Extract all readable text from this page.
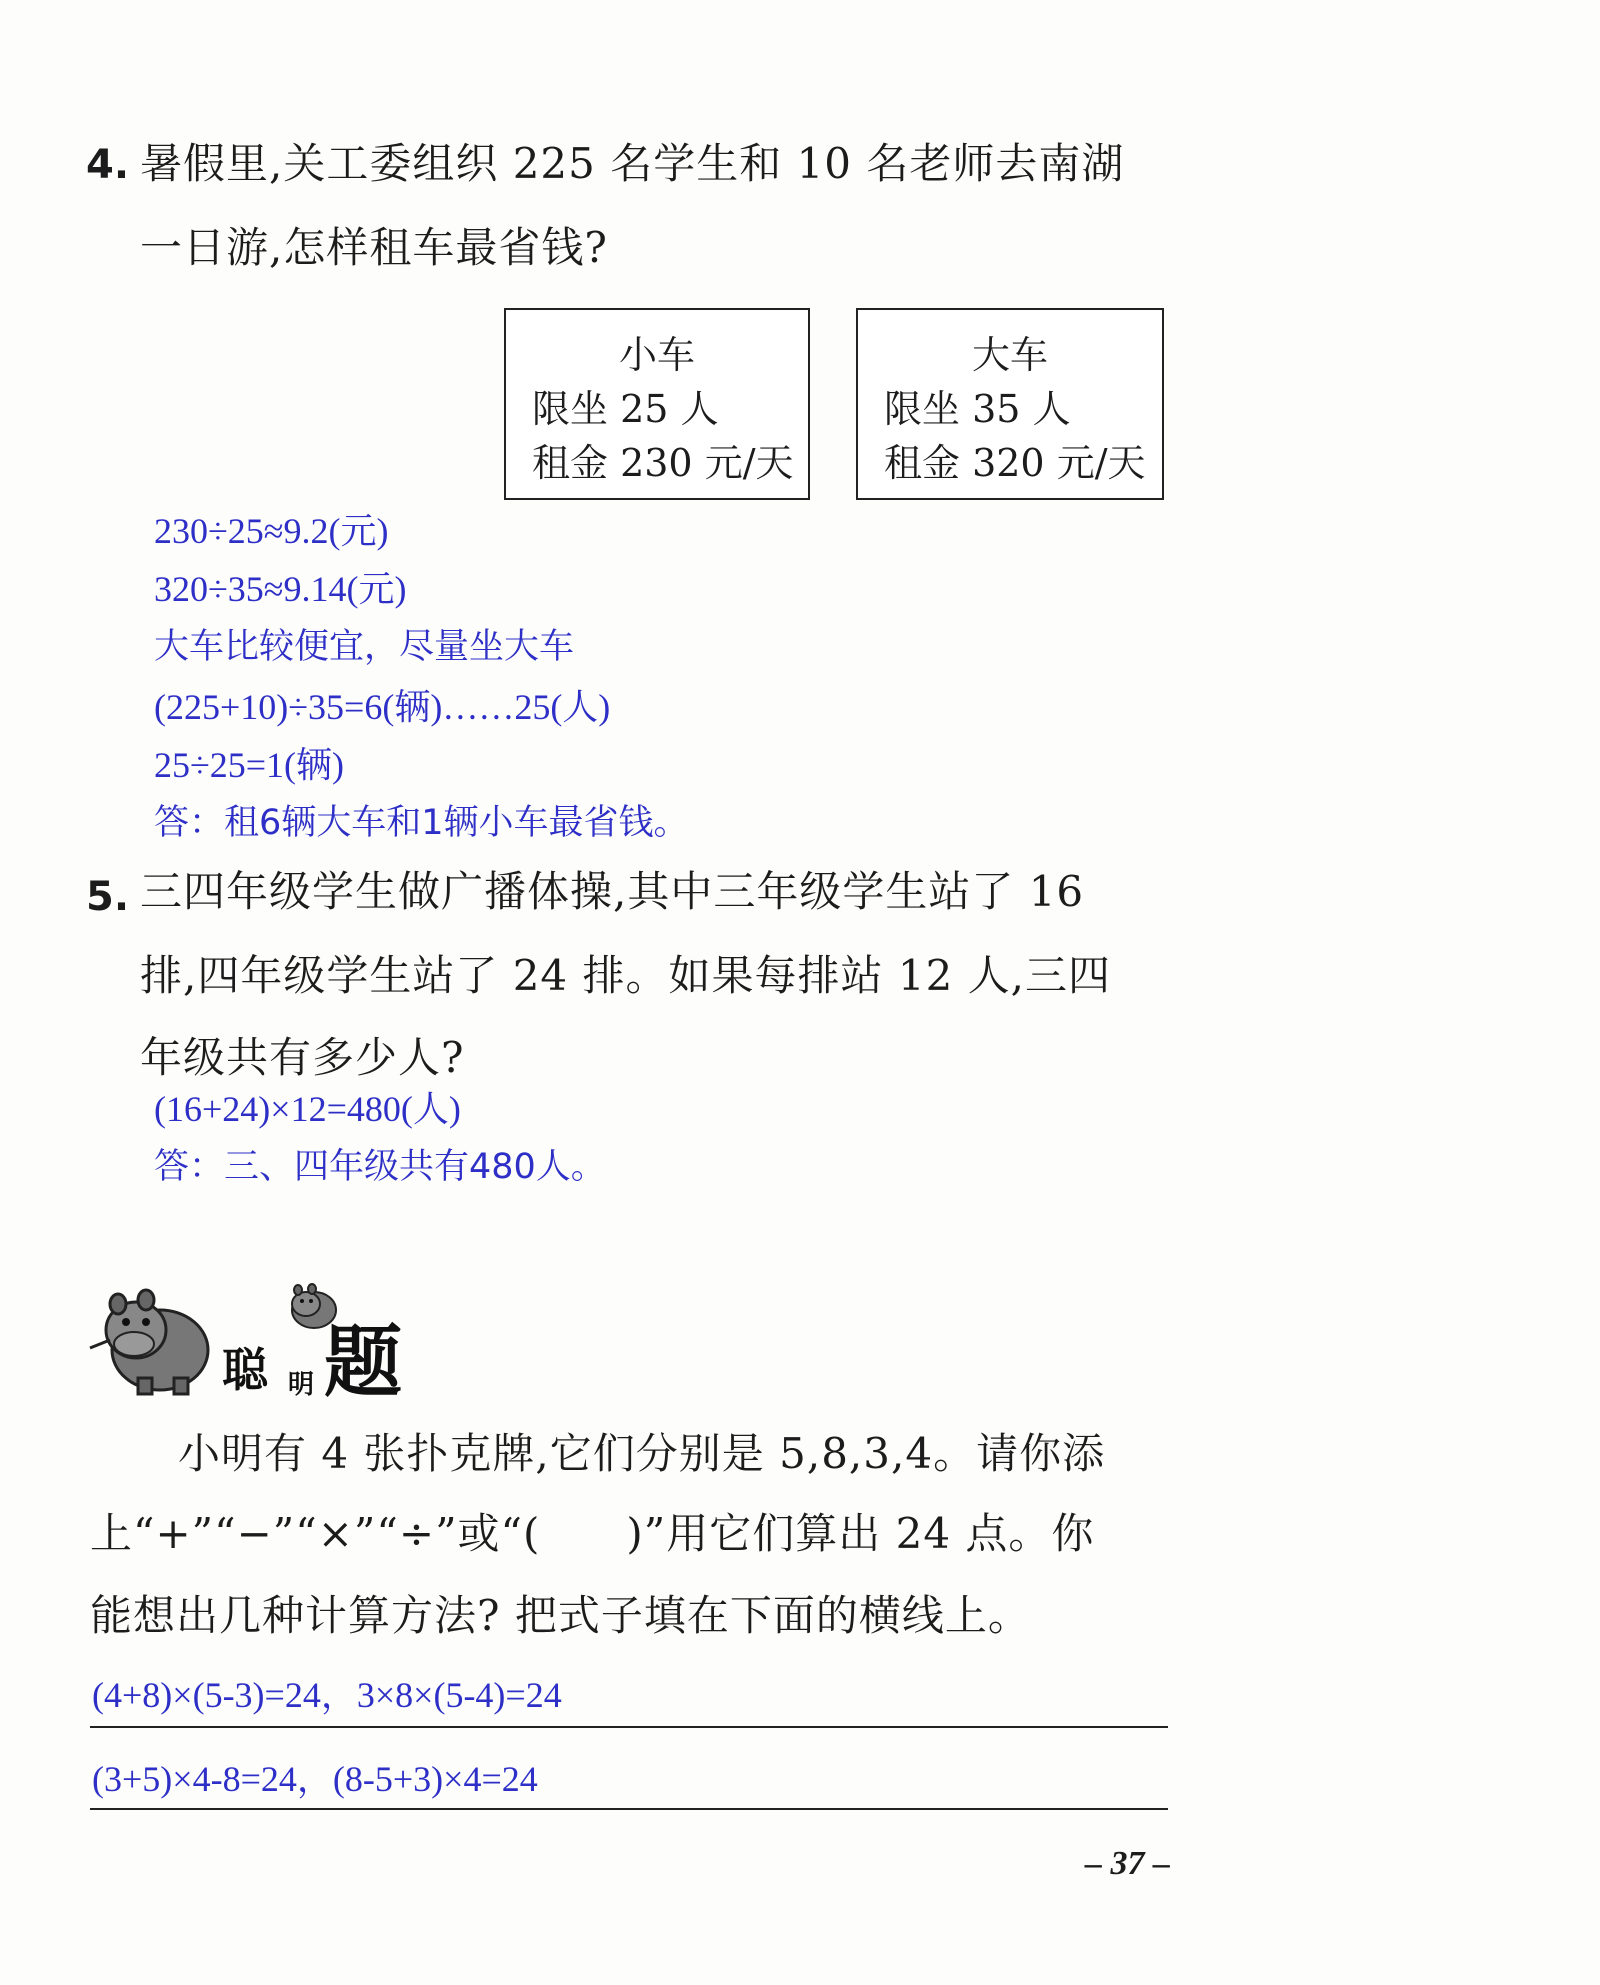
4. 暑假里,关工委组织 225 名学生和 10 名老师去南湖
一日游,怎样租车最省钱?
小车
限坐 25 人
租金 230 元/天
大车
限坐 35 人
租金 320 元/天
230÷25≈9.2(元)
320÷35≈9.14(元)
大车比较便宜，尽量坐大车
(225+10)÷35=6(辆)……25(人)
25÷25=1(辆)
答：租6辆大车和1辆小车最省钱。
5. 三四年级学生做广播体操,其中三年级学生站了 16
排,四年级学生站了 24 排。如果每排站 12 人,三四
年级共有多少人?
(16+24)×12=480(人)
答：三、四年级共有480人。
聪 明 题
小明有 4 张扑克牌,它们分别是 5,8,3,4。请你添
上“+”“−”“×”“÷”或“(　　)”用它们算出 24 点。你
能想出几种计算方法? 把式子填在下面的横线上。
(4+8)×(5-3)=24，3×8×(5-4)=24
(3+5)×4-8=24，(8-5+3)×4=24
– 37 –
